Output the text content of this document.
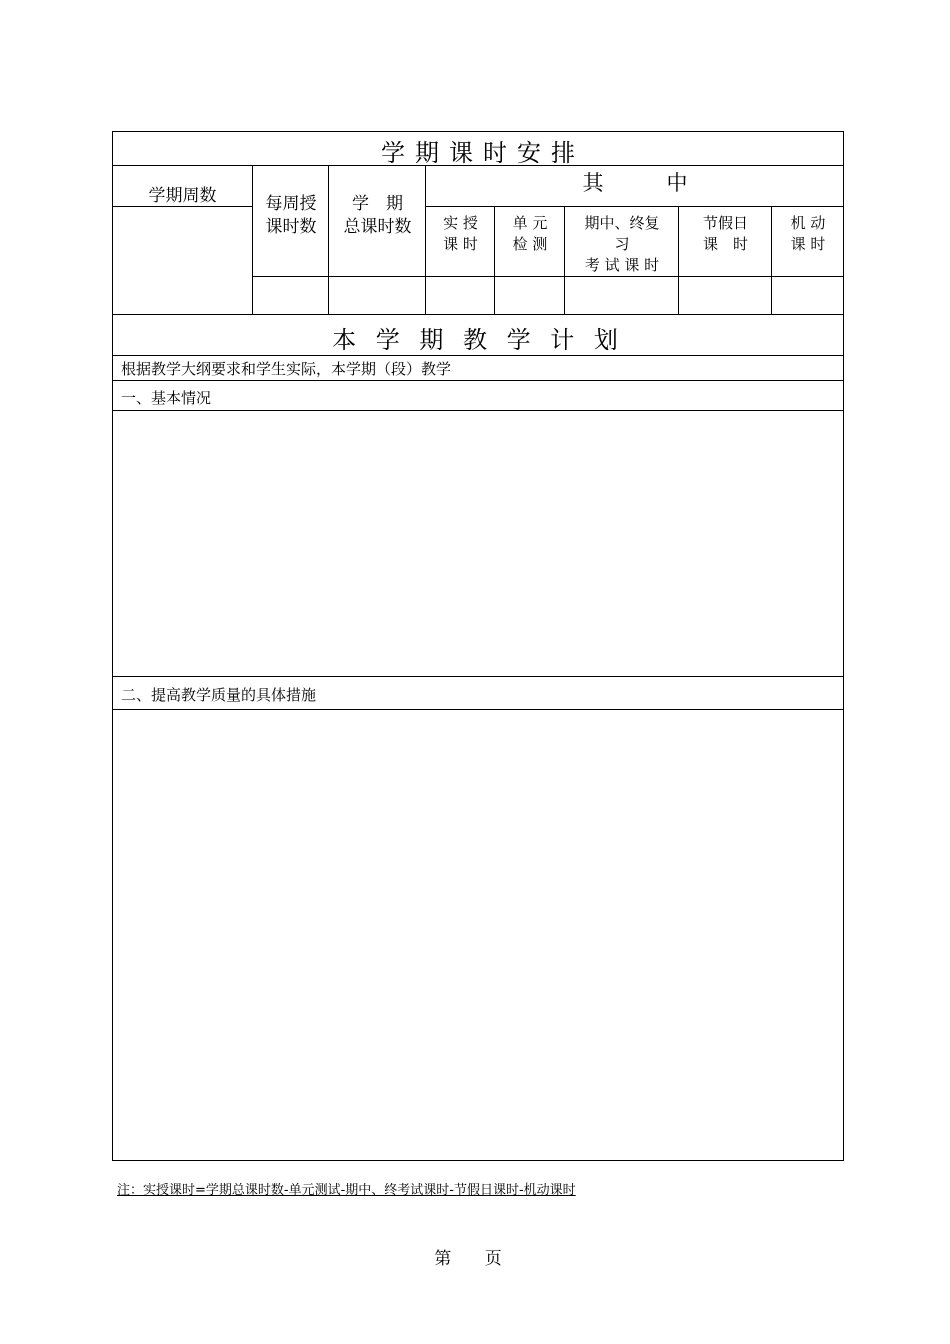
学期课时安排
学期周数	每周授
课时数
学　期
总课时数
其　　　中
实 授
课 时
单 元
检 测
期中、终复
习
考 试 课 时
节假日
课　时
机 动
课 时
本 学 期 教 学 计 划
根据教学大纲要求和学生实际，本学期（段）教学
一、基本情况
二、提高教学质量的具体措施
注：实授课时=学期总课时数-单元测试-期中、终考试课时-节假日课时-机动课时
第 页
